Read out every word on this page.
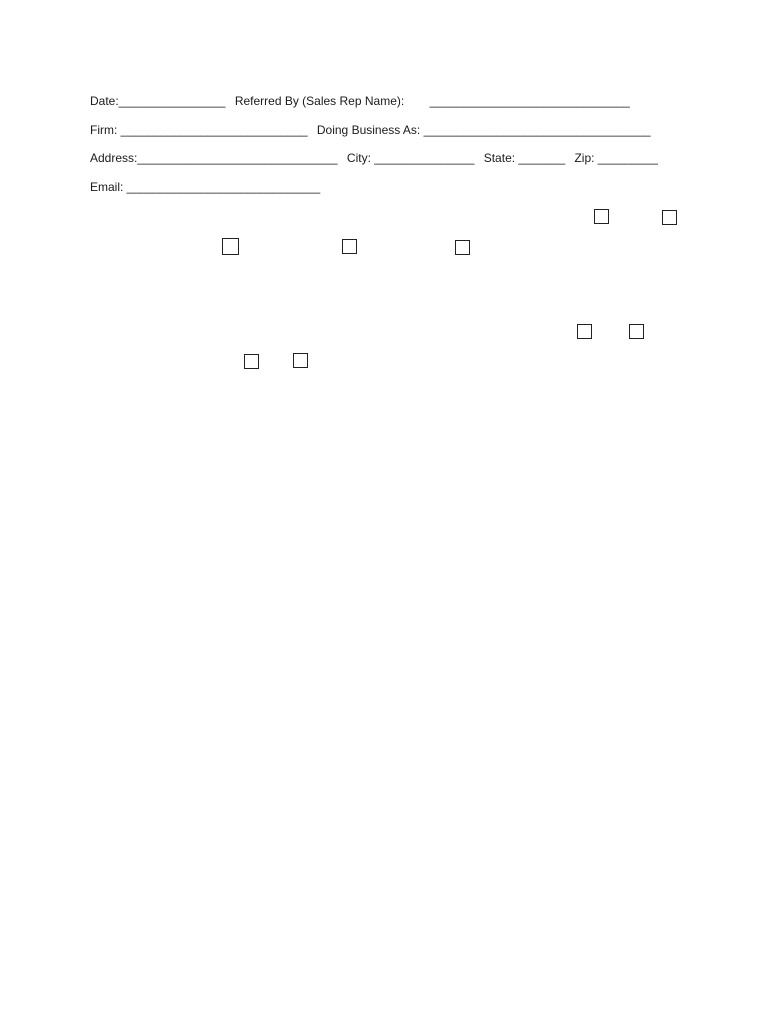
Date:________________ Referred By (Sales Rep Name): ______________________________
Firm: ____________________________ Doing Business As: __________________________________
Address:______________________________ City: _______________ State: _______ Zip: _________
Email: _____________________________
